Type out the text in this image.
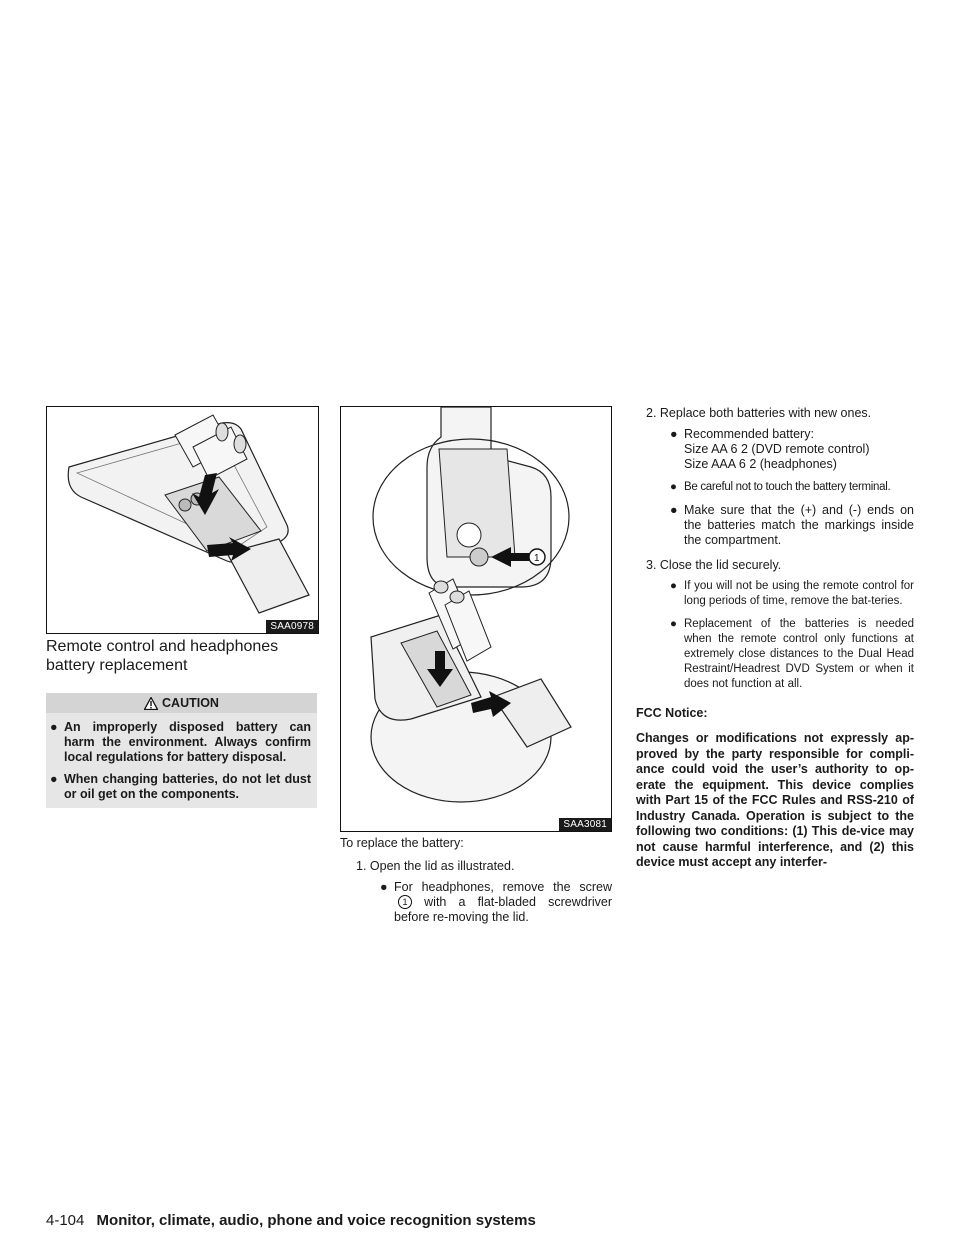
SAA0978
1
SAA3081
Remote control and headphones
battery replacement
CAUTION
● An improperly disposed battery can harm the environment. Always confirm local regulations for battery disposal.
● When changing batteries, do not let dust or oil get on the components.
To replace the battery:
1. Open the lid as illustrated.
● For headphones, remove the screw 1 with a flat-bladed screwdriver before re-moving the lid.
2. Replace both batteries with new ones.
● Recommended battery:
Size AA 6 2 (DVD remote control)
Size AAA 6 2 (headphones)
● Be careful not to touch the battery terminal.
● Make sure that the (+) and (-) ends on the batteries match the markings inside the compartment.
3. Close the lid securely.
● If you will not be using the remote control for long periods of time, remove the bat-teries.
● Replacement of the batteries is needed when the remote control only functions at extremely close distances to the Dual Head Restraint/Headrest DVD System or when it does not function at all.
FCC Notice:
Changes or modifications not expressly ap-proved by the party responsible for compli-ance could void the user’s authority to op-erate the equipment. This device complies with Part 15 of the FCC Rules and RSS-210 of Industry Canada. Operation is subject to the following two conditions: (1) This de-vice may not cause harmful interference, and (2) this device must accept any interfer-
4-104 Monitor, climate, audio, phone and voice recognition systems
